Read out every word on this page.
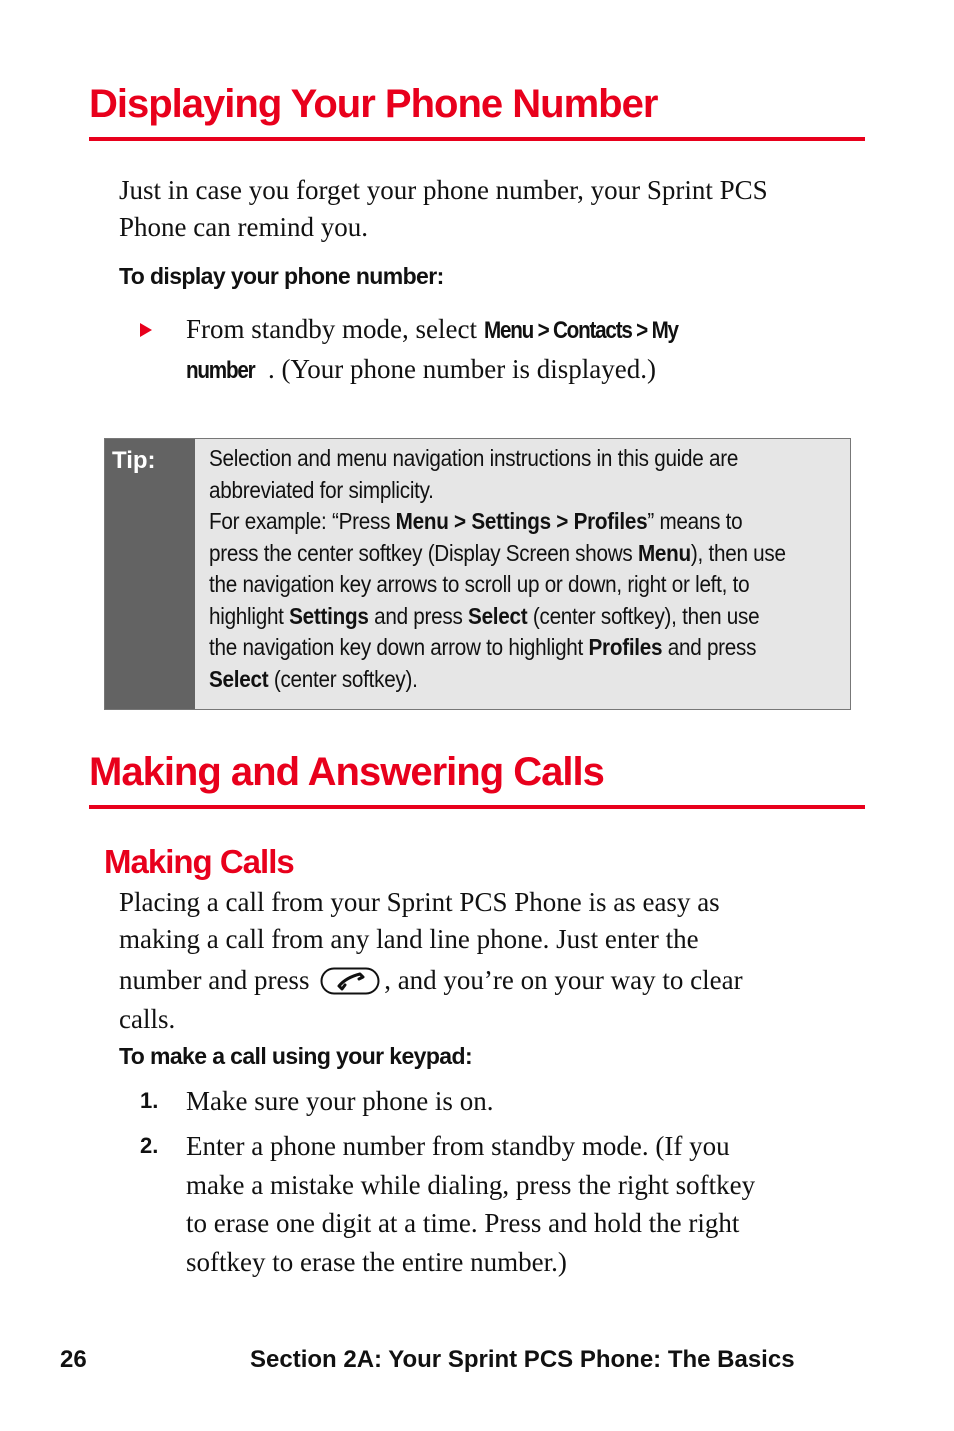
Displaying Your Phone Number
Just in case you forget your phone number, your Sprint PCS
Phone can remind you.
To display your phone number:
From standby mode, select Menu > Contacts > My
number . (Your phone number is displayed.)
Tip: Selection and menu navigation instructions in this guide are
abbreviated for simplicity.
For example: “Press Menu > Settings > Profiles” means to
press the center softkey (Display Screen shows Menu), then use
the navigation key arrows to scroll up or down, right or left, to
highlight Settings and press Select (center softkey), then use
the navigation key down arrow to highlight Profiles and press
Select (center softkey).
Making and Answering Calls
Making Calls
Placing a call from your Sprint PCS Phone is as easy as
making a call from any land line phone. Just enter the
number and press	, and you’re on your way to clear
calls.
To make a call using your keypad:
1. Make sure your phone is on.
2. Enter a phone number from standby mode. (If you
make a mistake while dialing, press the right softkey
to erase one digit at a time. Press and hold the right
softkey to erase the entire number.)
26	Section 2A: Your Sprint PCS Phone: The Basics
